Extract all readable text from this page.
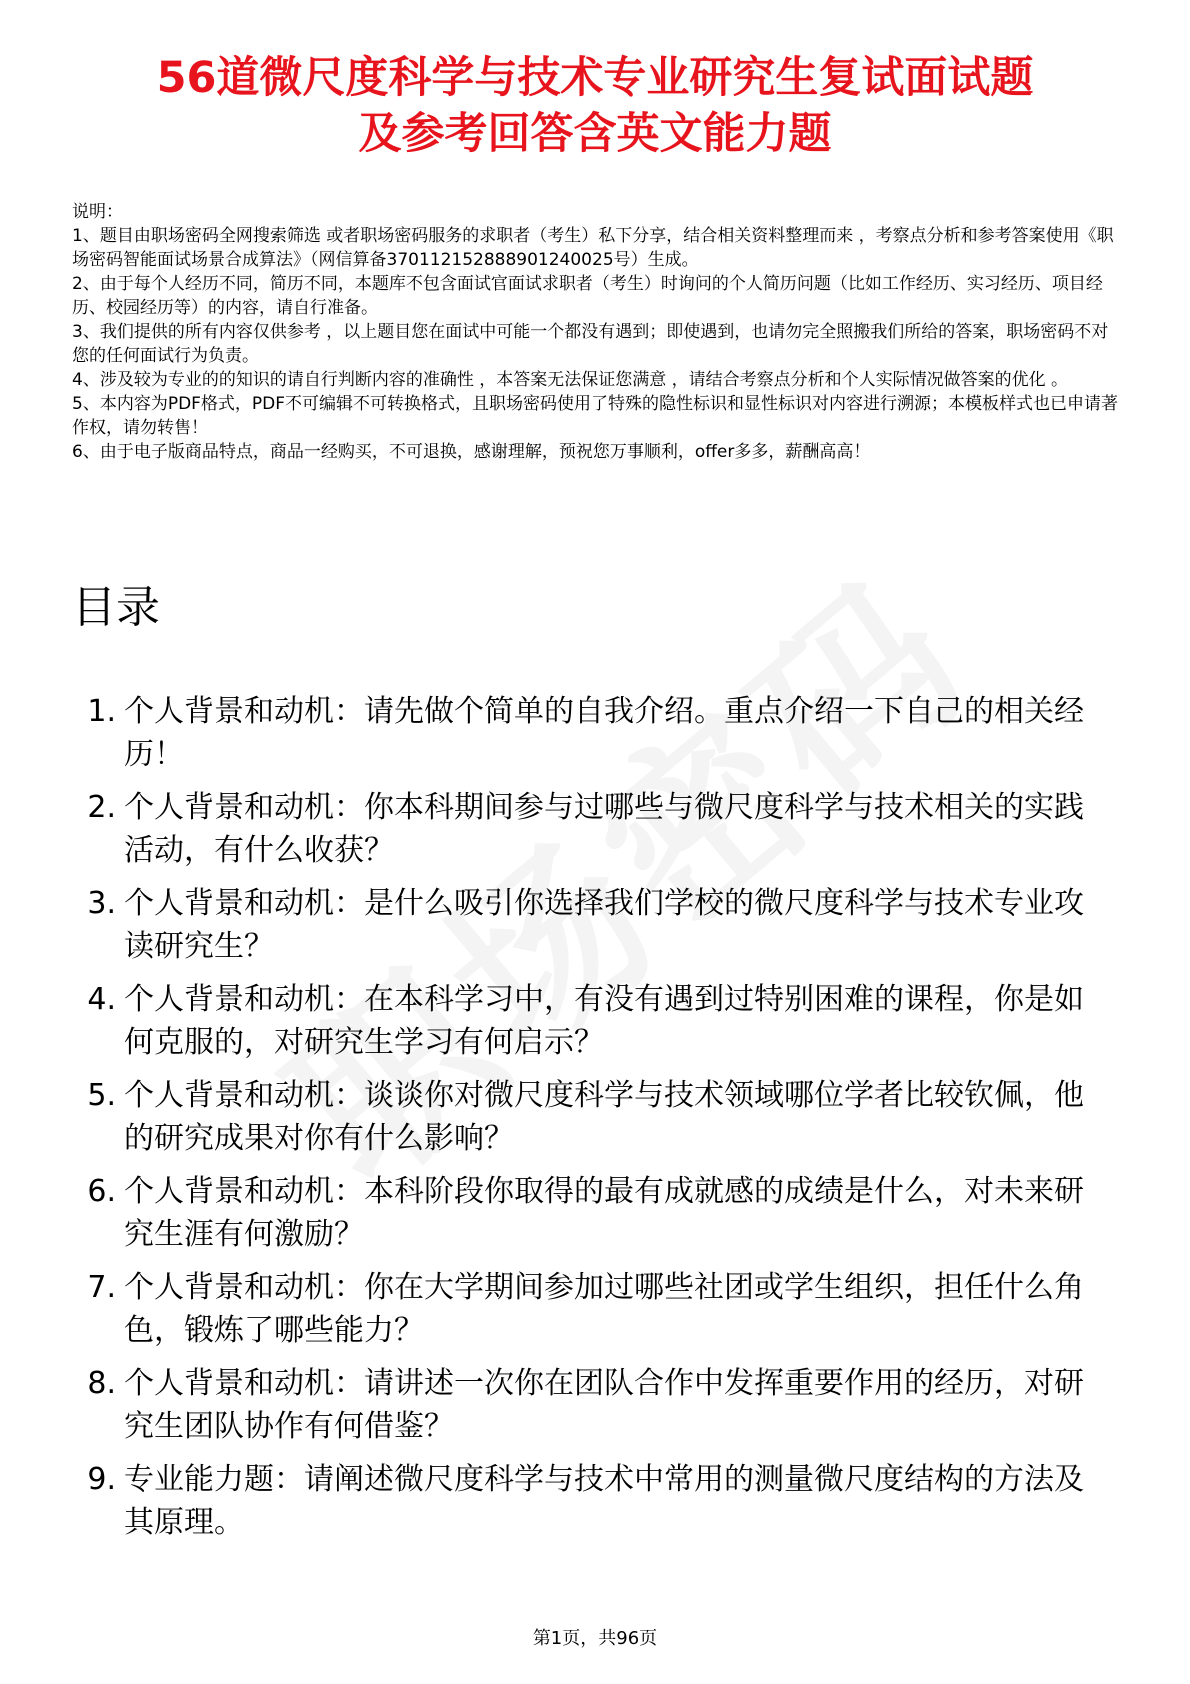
56道微尺度科学与技术专业研究生复试面试题
及参考回答含英文能力题

说明：

1、题目由职场密码全网搜索筛选 或者职场密码服务的求职者（考生）私下分享，结合相关资料整理而来 ，考察点分析和参考答案使用《职场密码智能面试场景合成算法》（网信算备370112152888901240025号）生成。

2、由于每个人经历不同，简历不同，本题库不包含面试官面试求职者（考生）时询问的个人简历问题（比如工作经历、实习经历、项目经历、校园经历等）的内容，请自行准备。

3、我们提供的所有内容仅供参考 ，以上题目您在面试中可能一个都没有遇到；即使遇到，也请勿完全照搬我们所给的答案，职场密码不对您的任何面试行为负责。

4、涉及较为专业的的知识的请自行判断内容的准确性 ，本答案无法保证您满意 ，请结合考察点分析和个人实际情况做答案的优化 。

5、本内容为PDF格式，PDF不可编辑不可转换格式，且职场密码使用了特殊的隐性标识和显性标识对内容进行溯源；本模板样式也已申请著作权，请勿转售！

6、由于电子版商品特点，商品一经购买，不可退换，感谢理解，预祝您万事顺利，offer多多，薪酬高高！

目录
1. 个人背景和动机：请先做个简单的自我介绍。重点介绍一下自己的相关经历！
2. 个人背景和动机：你本科期间参与过哪些与微尺度科学与技术相关的实践活动，有什么收获？
3. 个人背景和动机：是什么吸引你选择我们学校的微尺度科学与技术专业攻读研究生？
4. 个人背景和动机：在本科学习中，有没有遇到过特别困难的课程，你是如何克服的，对研究生学习有何启示？
5. 个人背景和动机：谈谈你对微尺度科学与技术领域哪位学者比较钦佩，他的研究成果对你有什么影响？
6. 个人背景和动机：本科阶段你取得的最有成就感的成绩是什么，对未来研究生涯有何激励？
7. 个人背景和动机：你在大学期间参加过哪些社团或学生组织，担任什么角色，锻炼了哪些能力？
8. 个人背景和动机：请讲述一次你在团队合作中发挥重要作用的经历，对研究生团队协作有何借鉴？
9. 专业能力题：请阐述微尺度科学与技术中常用的测量微尺度结构的方法及其原理。
第1页，共96页
